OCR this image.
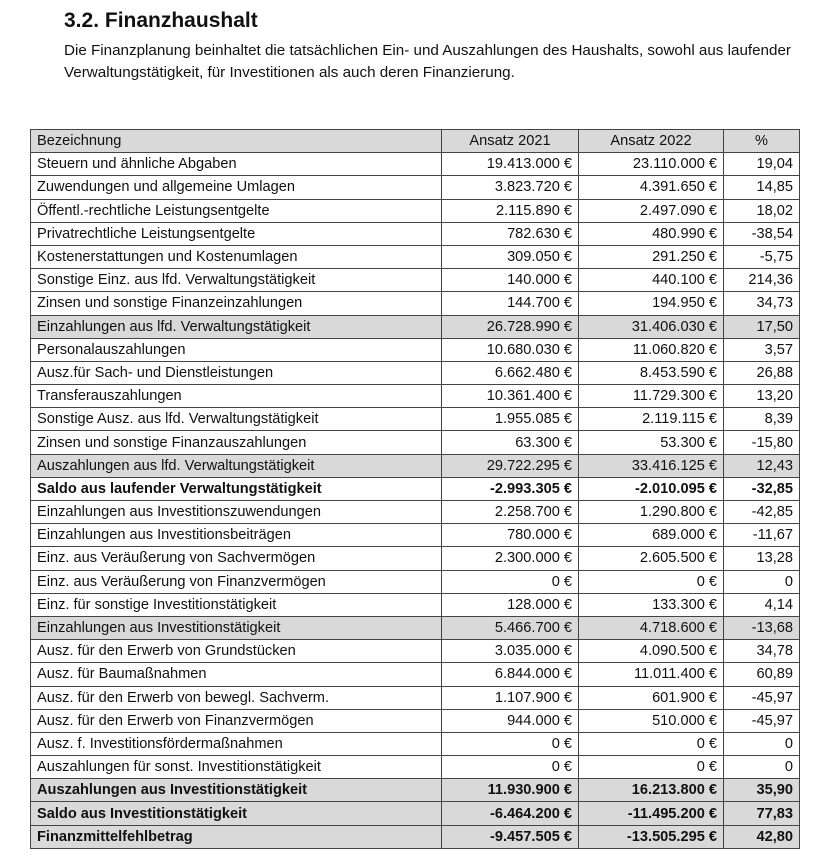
3.2. Finanzhaushalt

Die Finanzplanung beinhaltet die tatsächlichen Ein- und Auszahlungen des Haushalts, sowohl aus laufender Verwaltungstätigkeit, für Investitionen als auch deren Finanzierung.

Bezeichnung	Ansatz 2021	Ansatz 2022	%
Steuern und ähnliche Abgaben	19.413.000 €	23.110.000 €	19,04
Zuwendungen und allgemeine Umlagen	3.823.720 €	4.391.650 €	14,85
Öffentl.-rechtliche Leistungsentgelte	2.115.890 €	2.497.090 €	18,02
Privatrechtliche Leistungsentgelte	782.630 €	480.990 €	-38,54
Kostenerstattungen und Kostenumlagen	309.050 €	291.250 €	-5,75
Sonstige Einz. aus lfd. Verwaltungstätigkeit	140.000 €	440.100 €	214,36
Zinsen und sonstige Finanzeinzahlungen	144.700 €	194.950 €	34,73
Einzahlungen aus lfd. Verwaltungstätigkeit	26.728.990 €	31.406.030 €	17,50
Personalauszahlungen	10.680.030 €	11.060.820 €	3,57
Ausz.für Sach- und Dienstleistungen	6.662.480 €	8.453.590 €	26,88
Transferauszahlungen	10.361.400 €	11.729.300 €	13,20
Sonstige Ausz. aus lfd. Verwaltungstätigkeit	1.955.085 €	2.119.115 €	8,39
Zinsen und sonstige Finanzauszahlungen	63.300 €	53.300 €	-15,80
Auszahlungen aus lfd. Verwaltungstätigkeit	29.722.295 €	33.416.125 €	12,43
Saldo aus laufender Verwaltungstätigkeit	-2.993.305 €	-2.010.095 €	-32,85
Einzahlungen aus Investitionszuwendungen	2.258.700 €	1.290.800 €	-42,85
Einzahlungen aus Investitionsbeiträgen	780.000 €	689.000 €	-11,67
Einz. aus Veräußerung von Sachvermögen	2.300.000 €	2.605.500 €	13,28
Einz. aus Veräußerung von Finanzvermögen	0 €	0 €	0
Einz. für sonstige Investitionstätigkeit	128.000 €	133.300 €	4,14
Einzahlungen aus Investitionstätigkeit	5.466.700 €	4.718.600 €	-13,68
Ausz. für den Erwerb von Grundstücken	3.035.000 €	4.090.500 €	34,78
Ausz. für Baumaßnahmen	6.844.000 €	11.011.400 €	60,89
Ausz. für den Erwerb von bewegl. Sachverm.	1.107.900 €	601.900 €	-45,97
Ausz. für den Erwerb von Finanzvermögen	944.000 €	510.000 €	-45,97
Ausz. f. Investitionsfördermaßnahmen	0 €	0 €	0
Auszahlungen für sonst. Investitionstätigkeit	0 €	0 €	0
Auszahlungen aus Investitionstätigkeit	11.930.900 €	16.213.800 €	35,90
Saldo aus Investitionstätigkeit	-6.464.200 €	-11.495.200 €	77,83
Finanzmittelfehlbetrag	-9.457.505 €	-13.505.295 €	42,80
